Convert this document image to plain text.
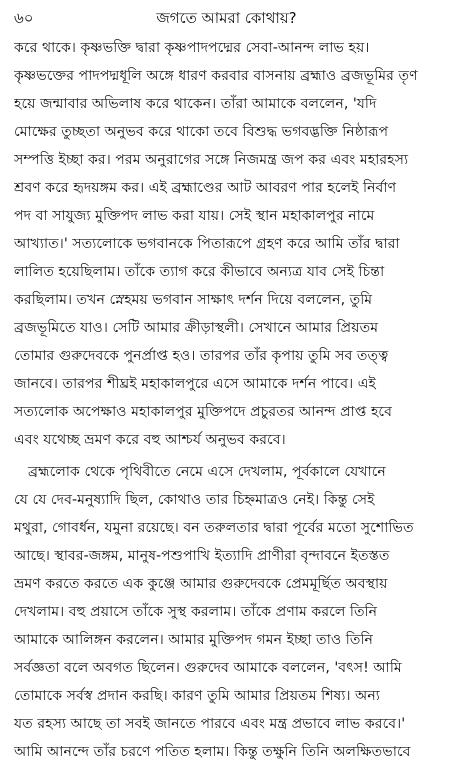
৬০	জগতে আমরা কোথায়?
করে থাকে। কৃষ্ণভক্তি দ্বারা কৃষ্ণপাদপদ্মের সেবা-আনন্দ লাভ হয়।
কৃষ্ণভক্তের পাদপদ্মধূলি অঙ্গে ধারণ করবার বাসনায় ব্রহ্মাও ব্রজভূমির তৃণ
হয়ে জন্মাবার অভিলাষ করে থাকেন। তাঁরা আমাকে বললেন, 'যদি
মোক্ষের তুচ্ছতা অনুভব করে থাকো তবে বিশুদ্ধ ভগবদ্ভক্তি নিষ্ঠারূপ
সম্পত্তি ইচ্ছা কর। পরম অনুরাগের সঙ্গে নিজমন্ত্র জপ কর এবং মহারহস্য
শ্রবণ করে হৃদয়ঙ্গম কর। এই ব্রহ্মাণ্ডের আট আবরণ পার হলেই নির্বাণ
পদ বা সাযুজ্য মুক্তিপদ লাভ করা যায়। সেই স্থান মহাকালপুর নামে
আখ্যাত।' সত্যলোকে ভগবানকে পিতারূপে গ্রহণ করে আমি তাঁর দ্বারা
লালিত হয়েছিলাম। তাঁকে ত্যাগ করে কীভাবে অন্যত্র যাব সেই চিন্তা
করছিলাম। তখন স্নেহময় ভগবান সাক্ষাৎ দর্শন দিয়ে বললেন, তুমি
ব্রজভূমিতে যাও। সেটি আমার ক্রীড়াস্থলী। সেখানে আমার প্রিয়তম
তোমার গুরুদেবকে পুনর্প্রাপ্ত হও। তারপর তাঁর কৃপায় তুমি সব তত্ত্ব
জানবে। তারপর শীঘ্রই মহাকালপুরে এসে আমাকে দর্শন পাবে। এই
সত্যলোক অপেক্ষাও মহাকালপুর মুক্তিপদে প্রচুরতর আনন্দ প্রাপ্ত হবে
এবং যথেচ্ছ ভ্রমণ করে বহু আশ্চর্য অনুভব করবে।
ব্রহ্মলোক থেকে পৃথিবীতে নেমে এসে দেখলাম, পূর্বকালে যেখানে
যে যে দেব-মনুষ্যাদি ছিল, কোথাও তার চিহ্নমাত্রও নেই। কিন্তু সেই
মথুরা, গোবর্ধন, যমুনা রয়েছে। বন তরুলতার দ্বারা পূর্বের মতো সুশোভিত
আছে। স্থাবর-জঙ্গম, মানুষ-পশুপাখি ইত্যাদি প্রাণীরা বৃন্দাবনে ইতস্তত
ভ্রমণ করতে করতে এক কুঞ্জে আমার গুরুদেবকে প্রেমমূর্ছিত অবস্থায়
দেখলাম। বহু প্রয়াসে তাঁকে সুস্থ করলাম। তাঁকে প্রণাম করলে তিনি
আমাকে আলিঙ্গন করলেন। আমার মুক্তিপদ গমন ইচ্ছা তাও তিনি
সর্বজ্ঞতা বলে অবগত ছিলেন। গুরুদেব আমাকে বললেন, 'বৎস! আমি
তোমাকে সর্বস্ব প্রদান করছি। কারণ তুমি আমার প্রিয়তম শিষ্য। অন্য
যত রহস্য আছে তা সবই জানতে পারবে এবং মন্ত্র প্রভাবে লাভ করবে।'
আমি আনন্দে তাঁর চরণে পতিত হলাম। কিন্তু তক্ষুনি তিনি অলক্ষিতভাবে
